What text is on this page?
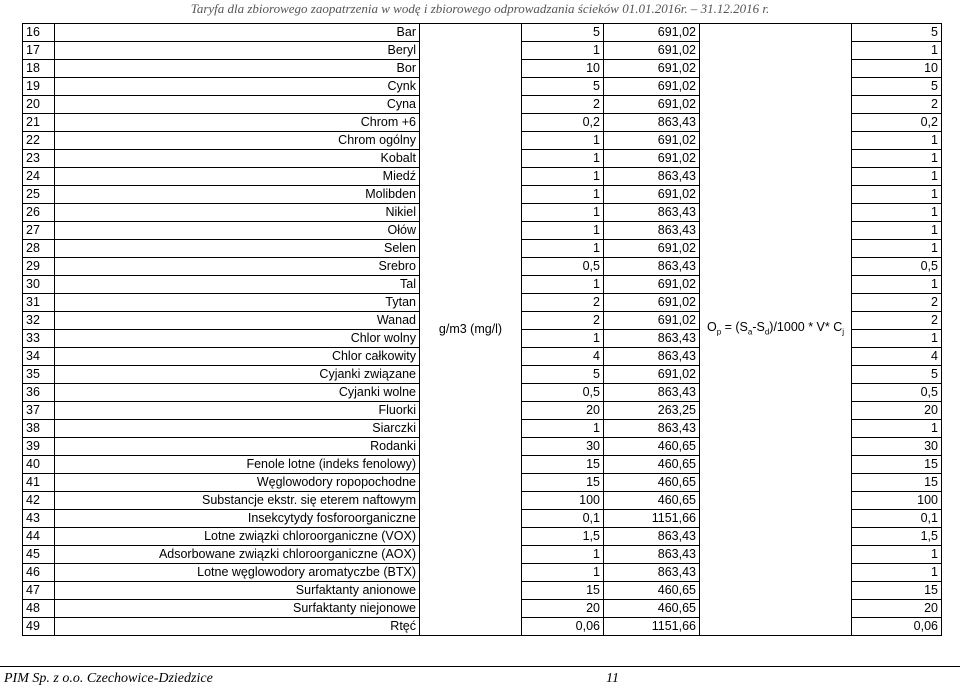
Taryfa dla zbiorowego zaopatrzenia w wodę i zbiorowego odprowadzania ścieków 01.01.2016r. – 31.12.2016 r.
16	Bar	g/m3 (mg/l)	5	691,02	$O_p = (S_a-S_d)/1000 * V*$ $C_j$	5
17	Beryl		1	691,02		1
18	Bor		10	691,02		10
19	Cynk		5	691,02		5
20	Cyna		2	691,02		2
21	Chrom +6		0,2	863,43		0,2
22	Chrom ogólny		1	691,02		1
23	Kobalt		1	691,02		1
24	Miedź		1	863,43		1
25	Molibden		1	691,02		1
26	Nikiel		1	863,43		1
27	Ołów		1	863,43		1
28	Selen		1	691,02		1
29	Srebro		0,5	863,43		0,5
30	Tal		1	691,02		1
31	Tytan		2	691,02		2
32	Wanad		2	691,02		2
33	Chlor wolny		1	863,43		1
34	Chlor całkowity		4	863,43		4
35	Cyjanki związane		5	691,02		5
36	Cyjanki wolne		0,5	863,43		0,5
37	Fluorki		20	263,25		20
38	Siarczki		1	863,43		1
39	Rodanki		30	460,65		30
40	Fenole lotne (indeks fenolowy)		15	460,65		15
41	Węglowodory ropopochodne		15	460,65		15
42	Substancje ekstr. się eterem naftowym		100	460,65		100
43	Insekcytydy fosforoorganiczne		0,1	1151,66		0,1
44	Lotne związki chloroorganiczne (VOX)		1,5	863,43		1,5
45	Adsorbowane związki chloroorganiczne (AOX)		1	863,43		1
46	Lotne węglowodory aromatyczbe (BTX)		1	863,43		1
47	Surfaktanty anionowe		15	460,65		15
48	Surfaktanty niejonowe		20	460,65		20
49	Rtęć		0,06	1151,66		0,06
PIM Sp. z o.o. Czechowice-Dziedzice	11
